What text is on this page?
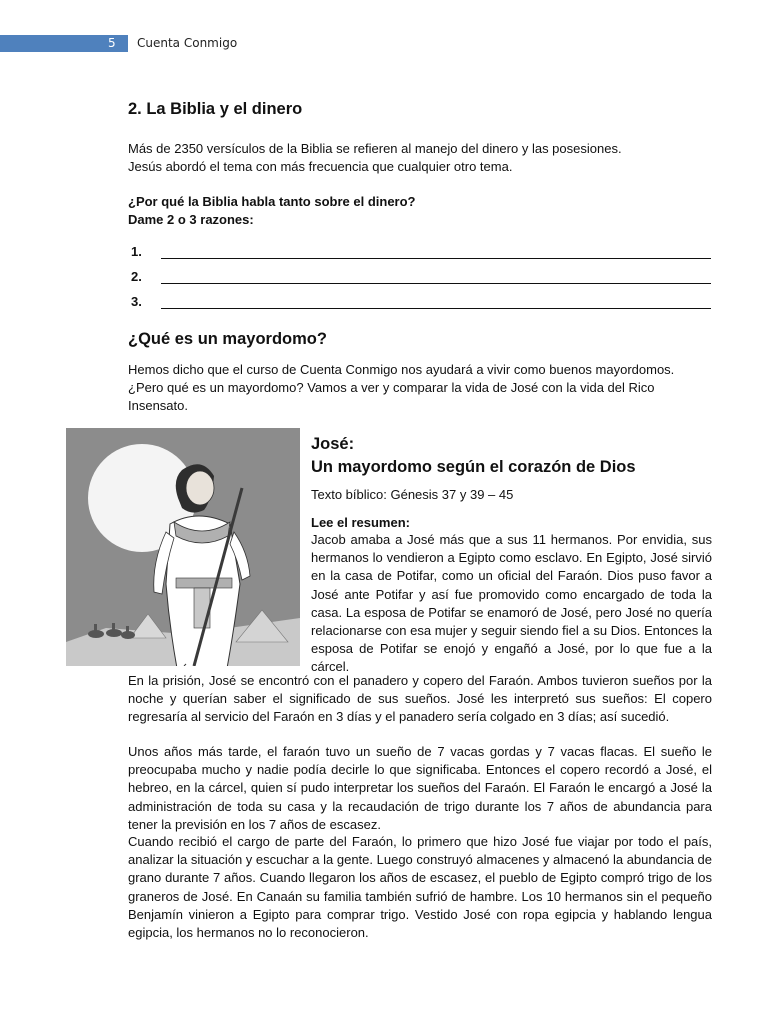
5	Cuenta Conmigo
2. La Biblia y el dinero

Más de 2350 versículos de la Biblia se refieren al manejo del dinero y las posesiones.
Jesús abordó el tema con más frecuencia que cualquier otro tema.

¿Por qué la Biblia habla tanto sobre el dinero?
Dame 2 o 3 razones:

1.
2.
3.
¿Qué es un mayordomo?

Hemos dicho que el curso de Cuenta Conmigo nos ayudará a vivir como buenos mayordomos. ¿Pero qué es un mayordomo? Vamos a ver y comparar la vida de José con la vida del Rico Insensato.

José:
Un mayordomo según el corazón de Dios

Texto bíblico: Génesis 37 y 39 – 45

Lee el resumen:

Jacob amaba a José más que a sus 11 hermanos. Por envidia, sus hermanos lo vendieron a Egipto como esclavo. En Egipto, José sirvió en la casa de Potifar, como un oficial del Faraón. Dios puso favor a José ante Potifar y así fue promovido como encargado de toda la casa. La esposa de Potifar se enamoró de José, pero José no quería relacionarse con esa mujer y seguir siendo fiel a su Dios. Entonces la esposa de Potifar se enojó y engañó a José, por lo que fue a la cárcel.

En la prisión, José se encontró con el panadero y copero del Faraón. Ambos tuvieron sueños por la noche y querían saber el significado de sus sueños. José les interpretó sus sueños: El copero regresaría al servicio del Faraón en 3 días y el panadero sería colgado en 3 días; así sucedió.

Unos años más tarde, el faraón tuvo un sueño de 7 vacas gordas y 7 vacas flacas. El sueño le preocupaba mucho y nadie podía decirle lo que significaba. Entonces el copero recordó a José, el hebreo, en la cárcel, quien sí pudo interpretar los sueños del Faraón. El Faraón le encargó a José la administración de toda su casa y la recaudación de trigo durante los 7 años de abundancia para tener la previsión en los 7 años de escasez.

Cuando recibió el cargo de parte del Faraón, lo primero que hizo José fue viajar por todo el país, analizar la situación y escuchar a la gente. Luego construyó almacenes y almacenó la abundancia de grano durante 7 años. Cuando llegaron los años de escasez, el pueblo de Egipto compró trigo de los graneros de José. En Canaán su familia también sufrió de hambre. Los 10 hermanos sin el pequeño Benjamín vinieron a Egipto para comprar trigo. Vestido José con ropa egipcia y hablando lengua egipcia, los hermanos no lo reconocieron.
